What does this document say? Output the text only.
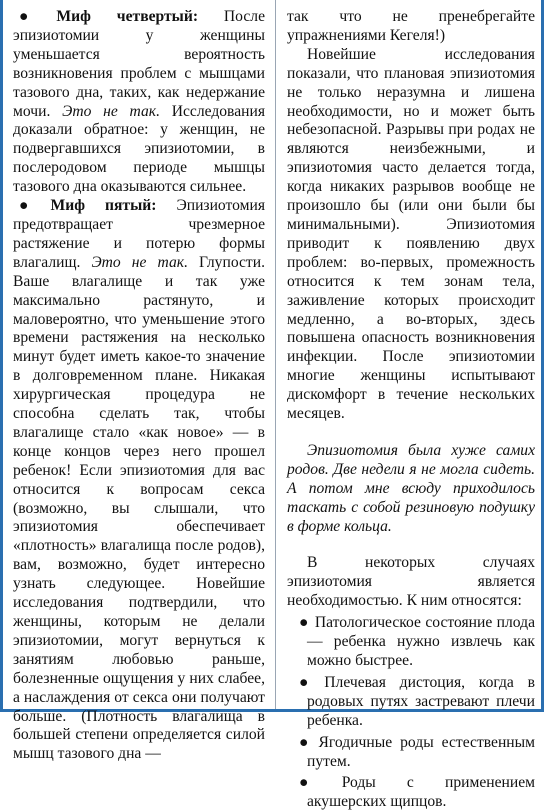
● Миф четвертый: После эпизиотомии у женщины уменьшается вероятность возникновения проблем с мышцами тазового дна, таких, как недержание мочи. Это не так. Исследования доказали обратное: у женщин, не подвергавшихся эпизиотомии, в послеродовом периоде мышцы тазового дна оказываются сильнее.

● Миф пятый: Эпизиотомия предотвращает чрезмерное растяжение и потерю формы влагалищ. Это не так. Глупости. Ваше влагалище и так уже максимально растянуто, и маловероятно, что уменьшение этого времени растяжения на несколько минут будет иметь какое-то значение в долговременном плане. Никакая хирургическая процедура не способна сделать так, чтобы влагалище стало «как новое» — в конце концов через него прошел ребенок! Если эпизиотомия для вас относится к вопросам секса (возможно, вы слышали, что эпизиотомия обеспечивает «плотность» влагалища после родов), вам, возможно, будет интересно узнать следующее. Новейшие исследования подтвердили, что женщины, которым не делали эпизиотомии, могут вернуться к занятиям любовью раньше, болезненные ощущения у них слабее, а наслаждения от секса они получают больше. (Плотность влагалища в большей степени определяется силой мышц тазового дна —

так что не пренебрегайте упражнениями Кегеля!)

Новейшие исследования показали, что плановая эпизиотомия не только неразумна и лишена необходимости, но и может быть небезопасной. Разрывы при родах не являются неизбежными, и эпизиотомия часто делается тогда, когда никаких разрывов вообще не произошло бы (или они были бы минимальными). Эпизиотомия приводит к появлению двух проблем: во-первых, промежность относится к тем зонам тела, заживление которых происходит медленно, а во-вторых, здесь повышена опасность возникновения инфекции. После эпизиотомии многие женщины испытывают дискомфорт в течение нескольких месяцев.

Эпизиотомия была хуже самих родов. Две недели я не могла сидеть. А потом мне всюду приходилось таскать с собой резиновую подушку в форме кольца.

В некоторых случаях эпизиотомия является необходимостью. К ним относятся:

● Патологическое состояние плода — ребенка нужно извлечь как можно быстрее.

● Плечевая дистоция, когда в родовых путях застревают плечи ребенка.

● Ягодичные роды естественным путем.

● Роды с применением акушерских щипцов.
